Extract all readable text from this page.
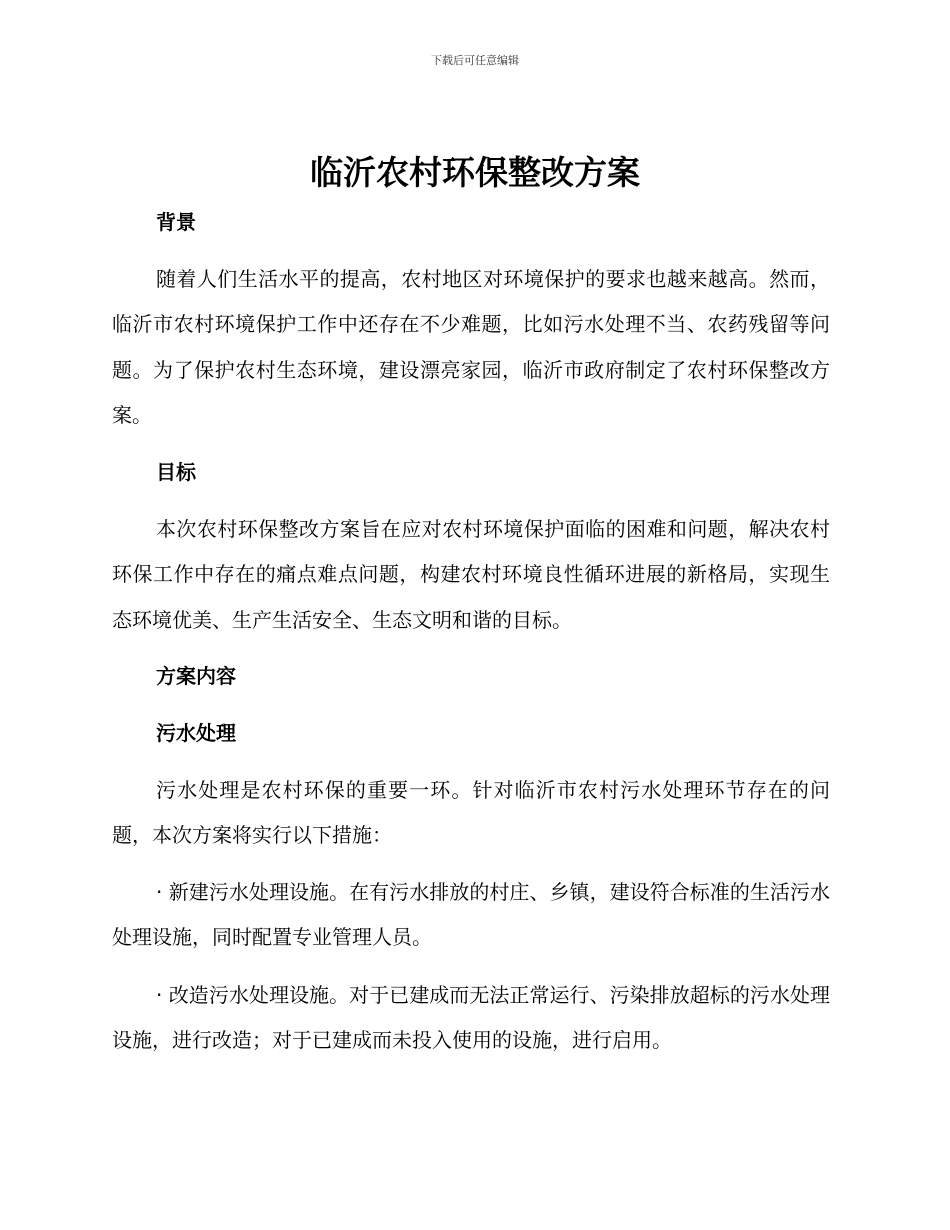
下载后可任意编辑
临沂农村环保整改方案
背景

随着人们生活水平的提高，农村地区对环境保护的要求也越来越高。然而，临沂市农村环境保护工作中还存在不少难题，比如污水处理不当、农药残留等问题。为了保护农村生态环境，建设漂亮家园，临沂市政府制定了农村环保整改方案。

目标

本次农村环保整改方案旨在应对农村环境保护面临的困难和问题，解决农村环保工作中存在的痛点难点问题，构建农村环境良性循环进展的新格局，实现生态环境优美、生产生活安全、生态文明和谐的目标。

方案内容
污水处理

污水处理是农村环保的重要一环。针对临沂市农村污水处理环节存在的问题，本次方案将实行以下措施：

· 新建污水处理设施。在有污水排放的村庄、乡镇，建设符合标准的生活污水处理设施，同时配置专业管理人员。

· 改造污水处理设施。对于已建成而无法正常运行、污染排放超标的污水处理设施，进行改造；对于已建成而未投入使用的设施，进行启用。
